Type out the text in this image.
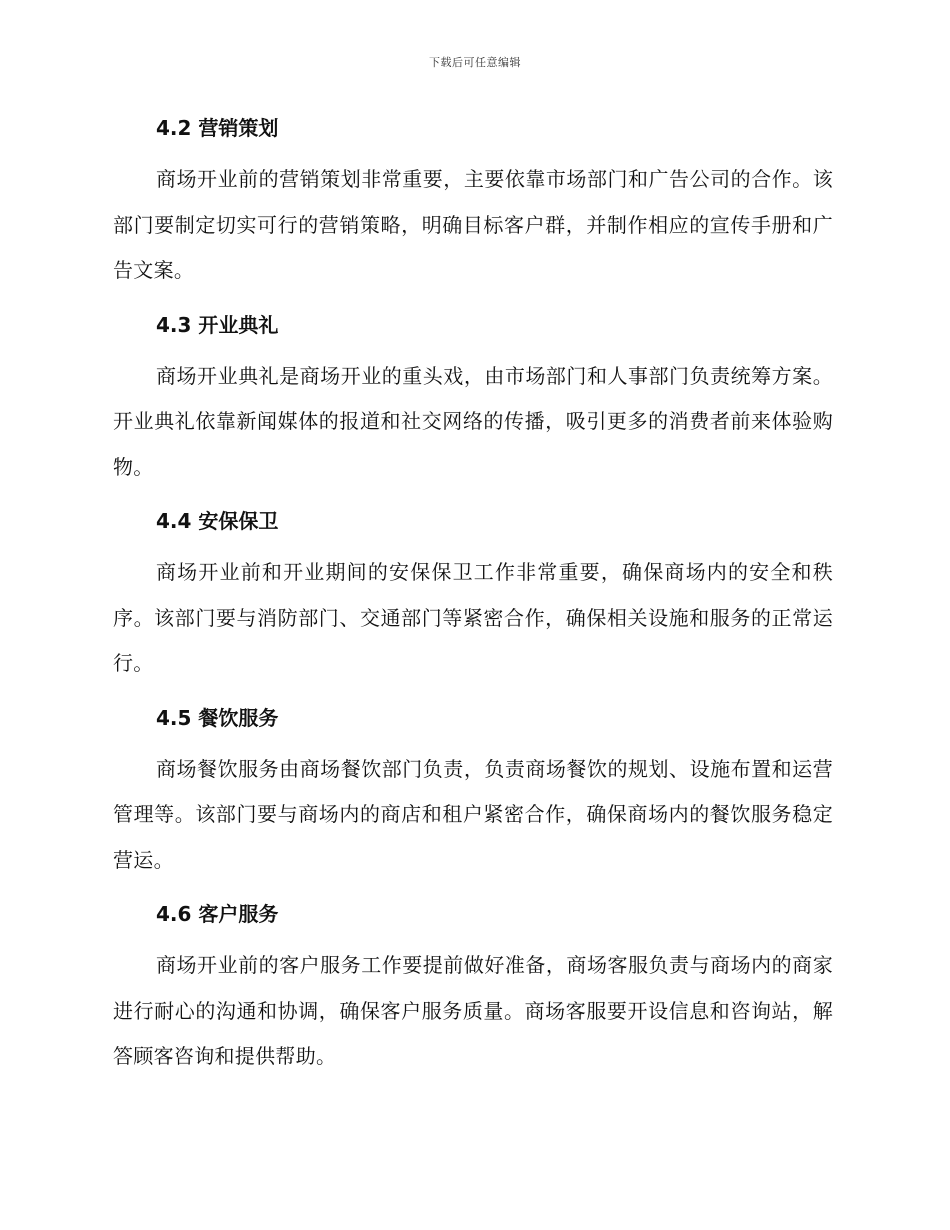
下载后可任意编辑
4.2 营销策划

商场开业前的营销策划非常重要，主要依靠市场部门和广告公司的合作。该部门要制定切实可行的营销策略，明确目标客户群，并制作相应的宣传手册和广告文案。

4.3 开业典礼

商场开业典礼是商场开业的重头戏，由市场部门和人事部门负责统筹方案。开业典礼依靠新闻媒体的报道和社交网络的传播，吸引更多的消费者前来体验购物。

4.4 安保保卫

商场开业前和开业期间的安保保卫工作非常重要，确保商场内的安全和秩序。该部门要与消防部门、交通部门等紧密合作，确保相关设施和服务的正常运行。

4.5 餐饮服务

商场餐饮服务由商场餐饮部门负责，负责商场餐饮的规划、设施布置和运营管理等。该部门要与商场内的商店和租户紧密合作，确保商场内的餐饮服务稳定营运。

4.6 客户服务

商场开业前的客户服务工作要提前做好准备，商场客服负责与商场内的商家进行耐心的沟通和协调，确保客户服务质量。商场客服要开设信息和咨询站，解答顾客咨询和提供帮助。
